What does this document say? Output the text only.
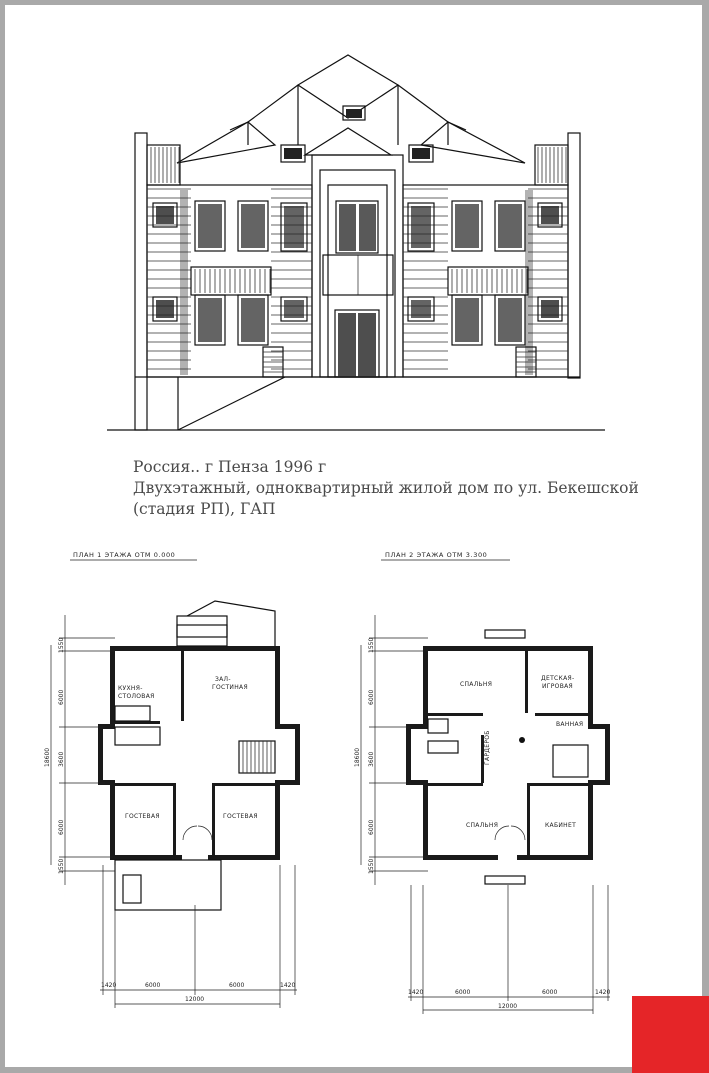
ПЛАН 1 ЭТАЖА ОТМ 0.000
КУХНЯ-
СТОЛОВАЯ
ЗАЛ-
ГОСТИНАЯ
ГОСТЕВАЯ	ГОСТЕВАЯ
1550
6000
3600
6000
1550
18600
1420	6000	6000	1420
12000
ПЛАН 2 ЭТАЖА ОТМ 3.300
СПАЛЬНЯ
ДЕТСКАЯ-
ИГРОВАЯ
ВАННАЯ
ГАРДЕРОБ
СПАЛЬНЯ	КАБИНЕТ
1550
6000
3600
6000
1550
18600
1420	6000	6000	1420
12000
Россия.. г Пенза 1996 г
Двухэтажный, одноквартирный жилой дом по ул. Бекешской
(стадия РП), ГАП
